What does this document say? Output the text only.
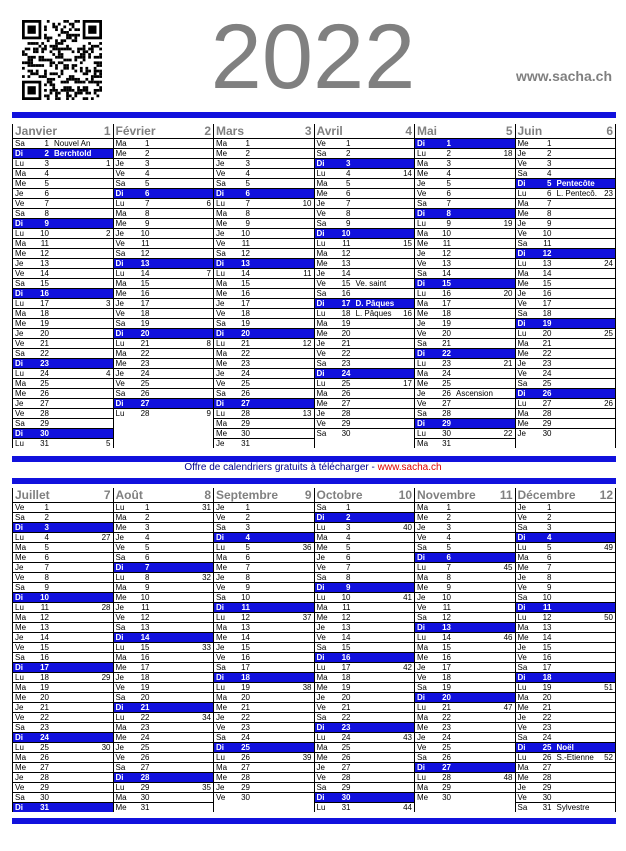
2022	www.sacha.ch
Janvier	1
Sa	1 Nouvel An
Di	2 Berchtold
Lu	3	1
Ma	4
Me	5
Je	6
Ve	7
Sa	8
Di	9
Lu	10	2
Ma	11
Me	12
Je	13
Ve	14
Sa	15
Di	16
Lu	17	3
Ma	18
Me	19
Je	20
Ve	21
Sa	22
Di	23
Lu	24	4
Ma	25
Me	26
Je	27
Ve	28
Sa	29
Di	30
Lu	31	5
Février	2
Ma	1
Me	2
Je	3
Ve	4
Sa	5
Di	6
Lu	7	6
Ma	8
Me	9
Je	10
Ve	11
Sa	12
Di	13
Lu	14	7
Ma	15
Me	16
Je	17
Ve	18
Sa	19
Di	20
Lu	21	8
Ma	22
Me	23
Je	24
Ve	25
Sa	26
Di	27
Lu	28	9
Mars	3
Ma	1
Me	2
Je	3
Ve	4
Sa	5
Di	6
Lu	7	10
Ma	8
Me	9
Je	10
Ve	11
Sa	12
Di	13
Lu	14	11
Ma	15
Me	16
Je	17
Ve	18
Sa	19
Di	20
Lu	21	12
Ma	22
Me	23
Je	24
Ve	25
Sa	26
Di	27
Lu	28	13
Ma	29
Me	30
Je	31
Avril	4
Ve	1
Sa	2
Di	3
Lu	4	14
Ma	5
Me	6
Je	7
Ve	8
Sa	9
Di	10
Lu	11	15
Ma	12
Me	13
Je	14
Ve	15 Ve. saint
Sa	16
Di	17 D. Pâques
Lu	18 L. Pâques 16
Ma	19
Me	20
Je	21
Ve	22
Sa	23
Di	24
Lu	25	17
Ma	26
Me	27
Je	28
Ve	29
Sa	30
Mai	5
Di	1
Lu	2	18
Ma	3
Me	4
Je	5
Ve	6
Sa	7
Di	8
Lu	9	19
Ma	10
Me	11
Je	12
Ve	13
Sa	14
Di	15
Lu	16	20
Ma	17
Me	18
Je	19
Ve	20
Sa	21
Di	22
Lu	23	21
Ma	24
Me	25
Je	26 Ascension
Ve	27
Sa	28
Di	29
Lu	30	22
Ma	31
Juin	6
Me	1
Je	2
Ve	3
Sa	4
Di	5 Pentecôte
Lu	6 L. Pentecô. 23
Ma	7
Me	8
Je	9
Ve	10
Sa	11
Di	12
Lu	13	24
Ma	14
Me	15
Je	16
Ve	17
Sa	18
Di	19
Lu	20	25
Ma	21
Me	22
Je	23
Ve	24
Sa	25
Di	26
Lu	27	26
Ma	28
Me	29
Je	30
Offre de calendriers gratuits à télécharger - www.sacha.ch
Juillet	7
Ve	1
Sa	2
Di	3
Lu	4	27
Ma	5
Me	6
Je	7
Ve	8
Sa	9
Di	10
Lu	11	28
Ma	12
Me	13
Je	14
Ve	15
Sa	16
Di	17
Lu	18	29
Ma	19
Me	20
Je	21
Ve	22
Sa	23
Di	24
Lu	25	30
Ma	26
Me	27
Je	28
Ve	29
Sa	30
Di	31
Août	8
Lu	1	31
Ma	2
Me	3
Je	4
Ve	5
Sa	6
Di	7
Lu	8	32
Ma	9
Me	10
Je	11
Ve	12
Sa	13
Di	14
Lu	15	33
Ma	16
Me	17
Je	18
Ve	19
Sa	20
Di	21
Lu	22	34
Ma	23
Me	24
Je	25
Ve	26
Sa	27
Di	28
Lu	29	35
Ma	30
Me	31
Septembre 9
Je	1
Ve	2
Sa	3
Di	4
Lu	5	36
Ma	6
Me	7
Je	8
Ve	9
Sa	10
Di	11
Lu	12	37
Ma	13
Me	14
Je	15
Ve	16
Sa	17
Di	18
Lu	19	38
Ma	20
Me	21
Je	22
Ve	23
Sa	24
Di	25
Lu	26	39
Ma	27
Me	28
Je	29
Ve	30
Octobre	10
Sa	1
Di	2
Lu	3	40
Ma	4
Me	5
Je	6
Ve	7
Sa	8
Di	9
Lu	10	41
Ma	11
Me	12
Je	13
Ve	14
Sa	15
Di	16
Lu	17	42
Ma	18
Me	19
Je	20
Ve	21
Sa	22
Di	23
Lu	24	43
Ma	25
Me	26
Je	27
Ve	28
Sa	29
Di	30
Lu	31	44
Novembre 11
Ma	1
Me	2
Je	3
Ve	4
Sa	5
Di	6
Lu	7	45
Ma	8
Me	9
Je	10
Ve	11
Sa	12
Di	13
Lu	14	46
Ma	15
Me	16
Je	17
Ve	18
Sa	19
Di	20
Lu	21	47
Ma	22
Me	23
Je	24
Ve	25
Sa	26
Di	27
Lu	28	48
Ma	29
Me	30
Décembre 12
Je	1
Ve	2
Sa	3
Di	4
Lu	5	49
Ma	6
Me	7
Je	8
Ve	9
Sa	10
Di	11
Lu	12	50
Ma	13
Me	14
Je	15
Ve	16
Sa	17
Di	18
Lu	19	51
Ma	20
Me	21
Je	22
Ve	23
Sa	24
Di	25 Noël
Lu	26 S.-Etienne 52
Ma	27
Me	28
Je	29
Ve	30
Sa	31 Sylvestre
